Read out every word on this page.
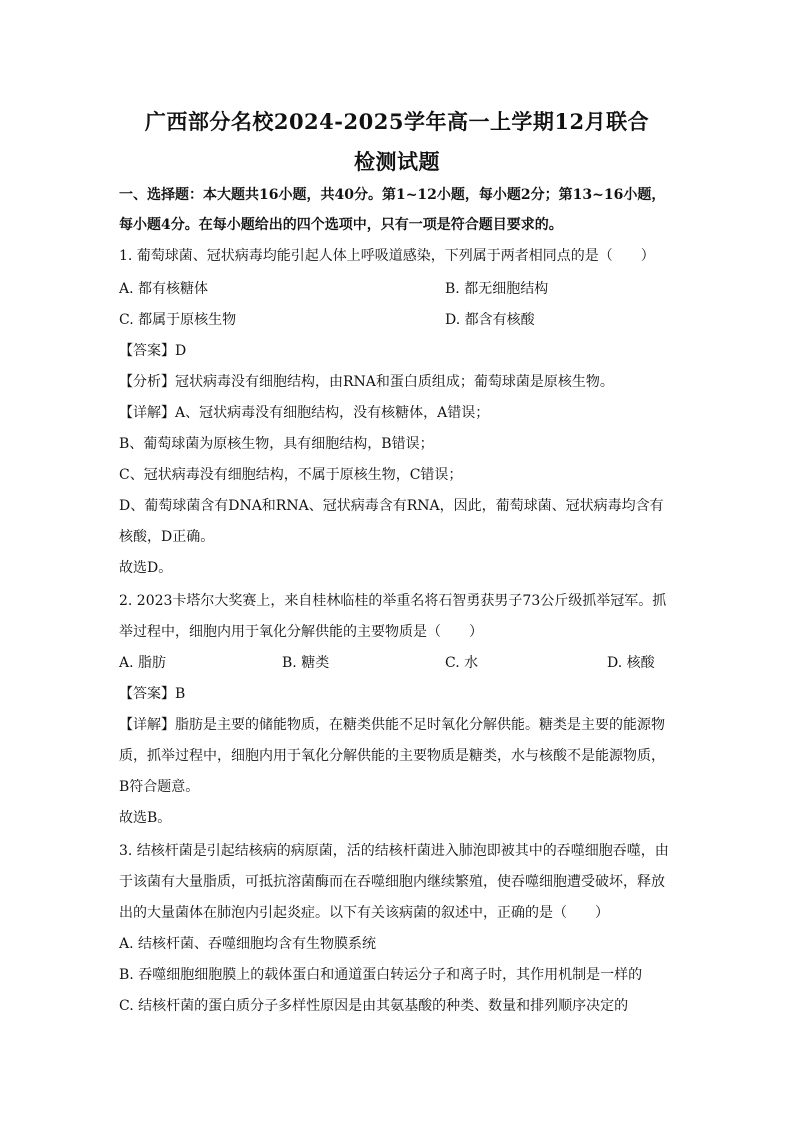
广西部分名校2024-2025学年高一上学期12月联合
检测试题
一、选择题：本大题共16小题，共40分。第1~12小题，每小题2分；第13~16小题，
每小题4分。在每小题给出的四个选项中，只有一项是符合题目要求的。
1. 葡萄球菌、冠状病毒均能引起人体上呼吸道感染，下列属于两者相同点的是（　　）
A. 都有核糖体	B. 都无细胞结构
C. 都属于原核生物	D. 都含有核酸
【答案】D
【分析】冠状病毒没有细胞结构，由RNA和蛋白质组成；葡萄球菌是原核生物。
【详解】A、冠状病毒没有细胞结构，没有核糖体，A错误；
B、葡萄球菌为原核生物，具有细胞结构，B错误；
C、冠状病毒没有细胞结构，不属于原核生物，C错误；
D、葡萄球菌含有DNA和RNA、冠状病毒含有RNA，因此，葡萄球菌、冠状病毒均含有
核酸，D正确。
故选D。
2. 2023卡塔尔大奖赛上，来自桂林临桂的举重名将石智勇获男子73公斤级抓举冠军。抓
举过程中，细胞内用于氧化分解供能的主要物质是（　　）
A. 脂肪	B. 糖类	C. 水	D. 核酸
【答案】B
【详解】脂肪是主要的储能物质，在糖类供能不足时氧化分解供能。糖类是主要的能源物
质，抓举过程中，细胞内用于氧化分解供能的主要物质是糖类，水与核酸不是能源物质，
B符合题意。
故选B。
3. 结核杆菌是引起结核病的病原菌，活的结核杆菌进入肺泡即被其中的吞噬细胞吞噬，由
于该菌有大量脂质，可抵抗溶菌酶而在吞噬细胞内继续繁殖，使吞噬细胞遭受破坏，释放
出的大量菌体在肺泡内引起炎症。以下有关该病菌的叙述中，正确的是（　　）
A. 结核杆菌、吞噬细胞均含有生物膜系统
B. 吞噬细胞细胞膜上的载体蛋白和通道蛋白转运分子和离子时，其作用机制是一样的
C. 结核杆菌的蛋白质分子多样性原因是由其氨基酸的种类、数量和排列顺序决定的
